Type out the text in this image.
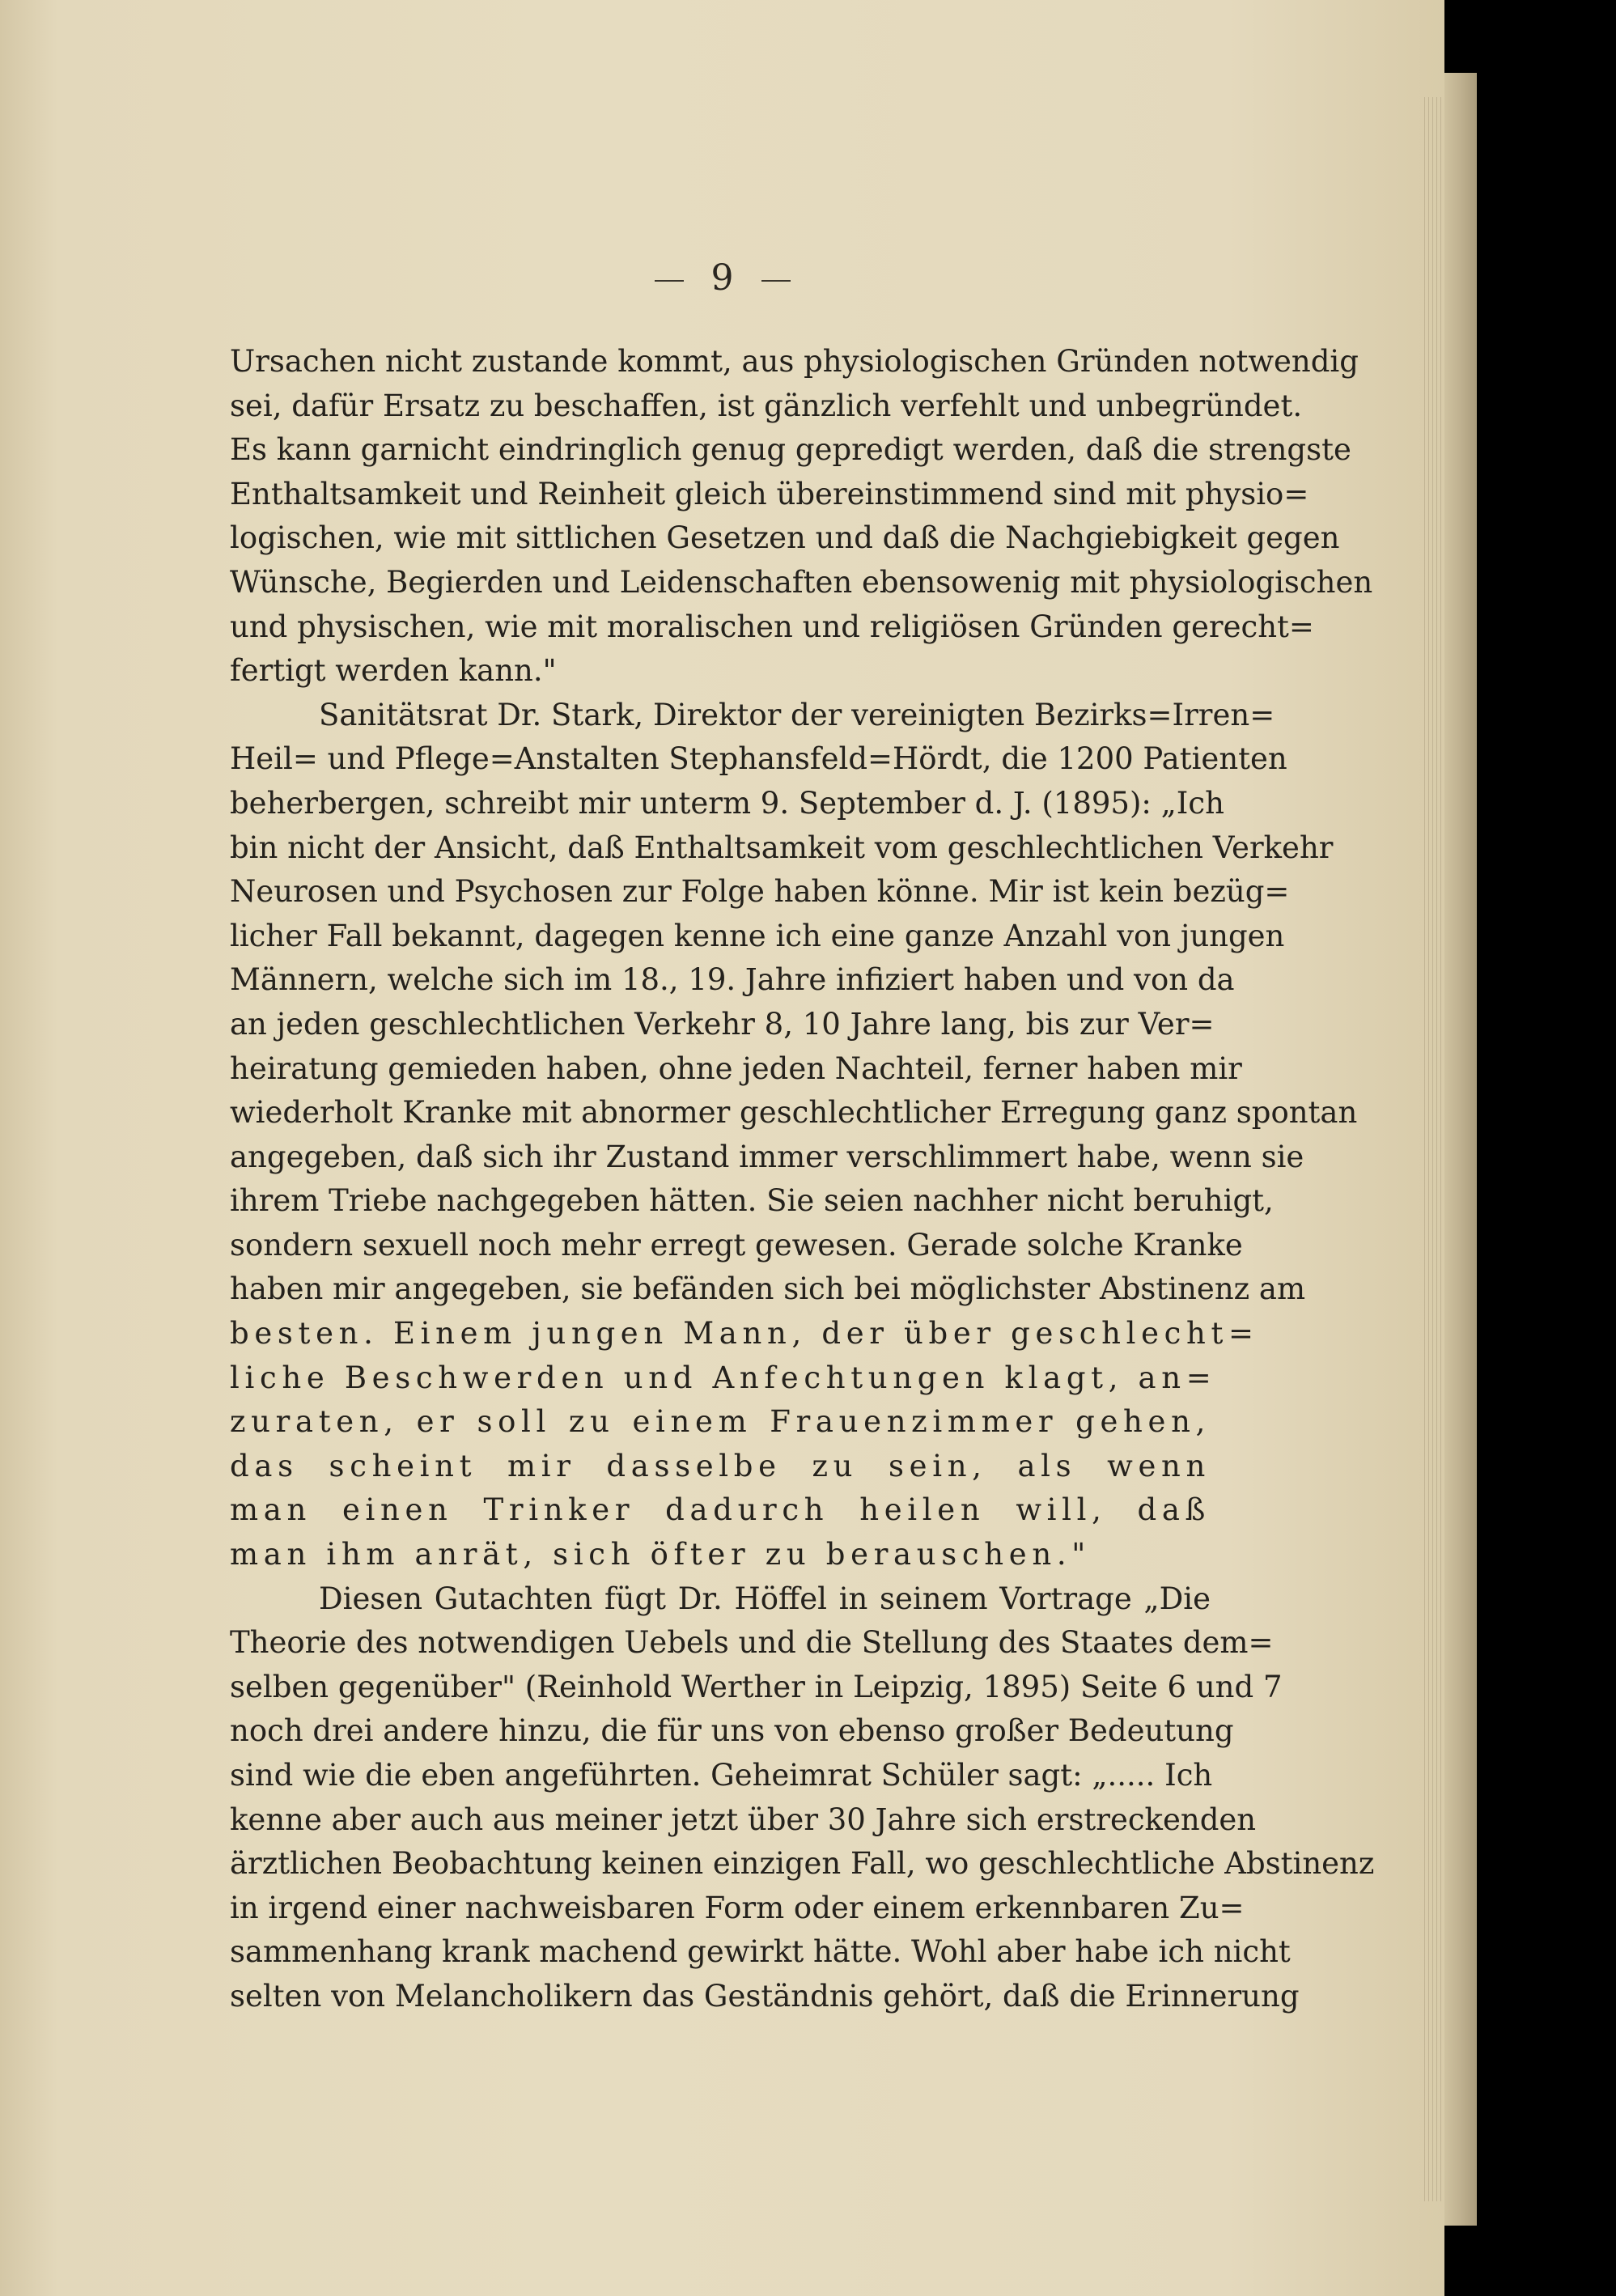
9
Ursachen nicht zustande kommt, aus physiologischen Gründen notwendig
sei, dafür Ersatz zu beschaffen, ist gänzlich verfehlt und unbegründet.
Es kann garnicht eindringlich genug gepredigt werden, daß die strengste
Enthaltsamkeit und Reinheit gleich übereinstimmend sind mit physio=
logischen, wie mit sittlichen Gesetzen und daß die Nachgiebigkeit gegen
Wünsche, Begierden und Leidenschaften ebensowenig mit physiologischen
und physischen, wie mit moralischen und religiösen Gründen gerecht=
fertigt werden kann."
Sanitätsrat Dr. Stark, Direktor der vereinigten Bezirks=Irren=
Heil= und Pflege=Anstalten Stephansfeld=Hördt, die 1200 Patienten
beherbergen, schreibt mir unterm 9. September d. J. (1895): „Ich
bin nicht der Ansicht, daß Enthaltsamkeit vom geschlechtlichen Verkehr
Neurosen und Psychosen zur Folge haben könne. Mir ist kein bezüg=
licher Fall bekannt, dagegen kenne ich eine ganze Anzahl von jungen
Männern, welche sich im 18., 19. Jahre infiziert haben und von da
an jeden geschlechtlichen Verkehr 8, 10 Jahre lang, bis zur Ver=
heiratung gemieden haben, ohne jeden Nachteil, ferner haben mir
wiederholt Kranke mit abnormer geschlechtlicher Erregung ganz spontan
angegeben, daß sich ihr Zustand immer verschlimmert habe, wenn sie
ihrem Triebe nachgegeben hätten. Sie seien nachher nicht beruhigt,
sondern sexuell noch mehr erregt gewesen. Gerade solche Kranke
haben mir angegeben, sie befänden sich bei möglichster Abstinenz am
besten. Einem jungen Mann, der über geschlecht=
liche Beschwerden und Anfechtungen klagt, an=
zuraten, er soll zu einem Frauenzimmer gehen,
das scheint mir dasselbe zu sein, als wenn
man einen Trinker dadurch heilen will, daß
man ihm anrät, sich öfter zu berauschen."
Diesen Gutachten fügt Dr. Höffel in seinem Vortrage „Die
Theorie des notwendigen Uebels und die Stellung des Staates dem=
selben gegenüber" (Reinhold Werther in Leipzig, 1895) Seite 6 und 7
noch drei andere hinzu, die für uns von ebenso großer Bedeutung
sind wie die eben angeführten. Geheimrat Schüler sagt: „..... Ich
kenne aber auch aus meiner jetzt über 30 Jahre sich erstreckenden
ärztlichen Beobachtung keinen einzigen Fall, wo geschlechtliche Abstinenz
in irgend einer nachweisbaren Form oder einem erkennbaren Zu=
sammenhang krank machend gewirkt hätte. Wohl aber habe ich nicht
selten von Melancholikern das Geständnis gehört, daß die Erinnerung
